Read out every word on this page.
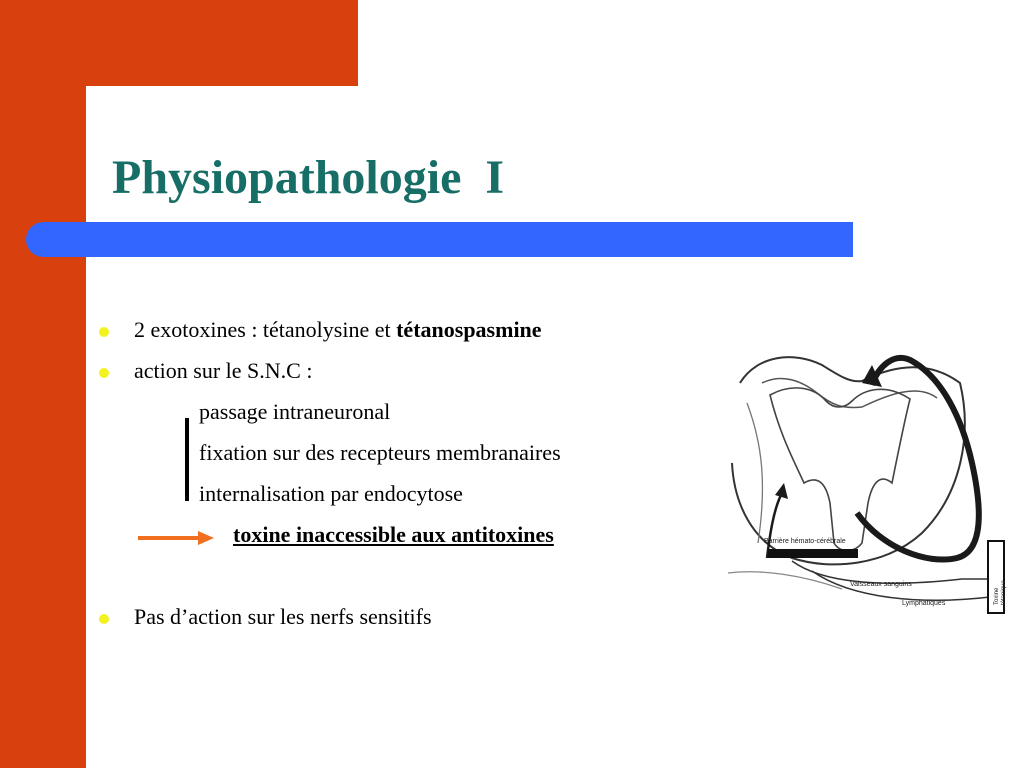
Physiopathologie  I
2 exotoxines : tétanolysine et tétanospasmine
action sur le S.N.C :
passage intraneuronal
fixation sur des recepteurs membranaires
internalisation par endocytose
toxine inaccessible aux antitoxines
Pas d’action sur les nerfs sensitifs
Barrière hémato-cérébrale
Vaisseaux sanguins
Lymphatiques	Toxine tétanique
